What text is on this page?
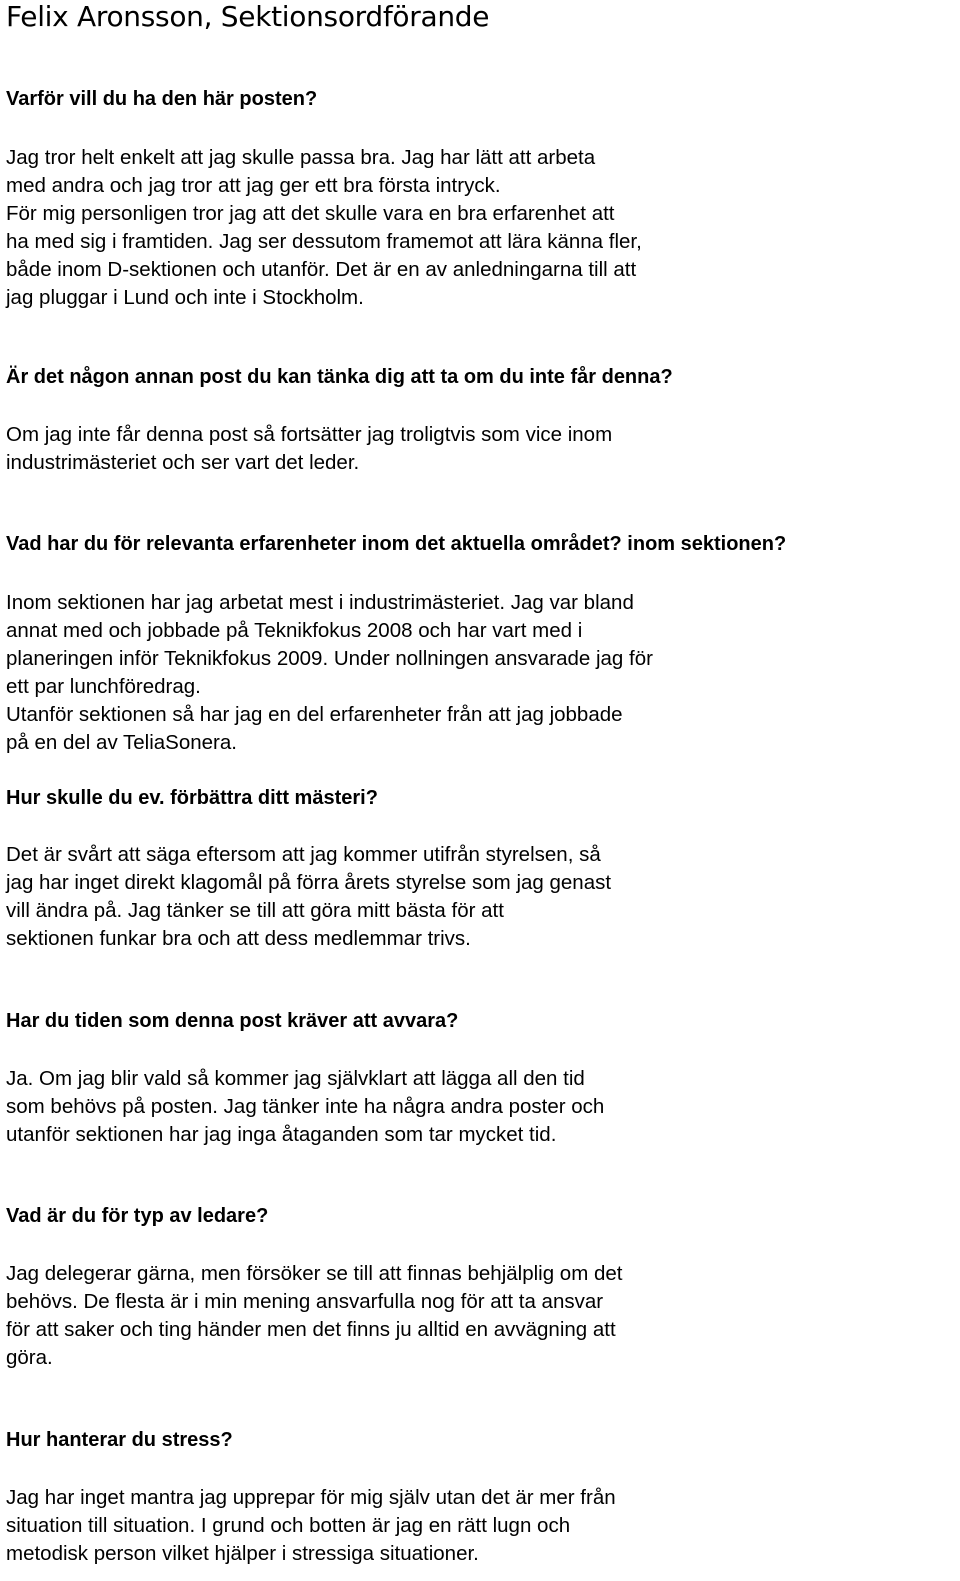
Felix Aronsson, Sektionsordförande
Varför vill du ha den här posten?
Jag tror helt enkelt att jag skulle passa bra. Jag har lätt att arbeta
med andra och jag tror att jag ger ett bra första intryck.
För mig personligen tror jag att det skulle vara en bra erfarenhet att
ha med sig i framtiden. Jag ser dessutom framemot att lära känna fler,
både inom D-sektionen och utanför. Det är en av anledningarna till att
jag pluggar i Lund och inte i Stockholm.
Är det någon annan post du kan tänka dig att ta om du inte får denna?
Om jag inte får denna post så fortsätter jag troligtvis som vice inom
industrimästeriet och ser vart det leder.
Vad har du för relevanta erfarenheter inom det aktuella området? inom sektionen?
Inom sektionen har jag arbetat mest i industrimästeriet. Jag var bland
annat med och jobbade på Teknikfokus 2008 och har vart med i
planeringen inför Teknikfokus 2009. Under nollningen ansvarade jag för
ett par lunchföredrag.
Utanför sektionen så har jag en del erfarenheter från att jag jobbade
på en del av TeliaSonera.
Hur skulle du ev. förbättra ditt mästeri?
Det är svårt att säga eftersom att jag kommer utifrån styrelsen, så
jag har inget direkt klagomål på förra årets styrelse som jag genast
vill ändra på. Jag tänker se till att göra mitt bästa för att
sektionen funkar bra och att dess medlemmar trivs.
Har du tiden som denna post kräver att avvara?
Ja. Om jag blir vald så kommer jag självklart att lägga all den tid
som behövs på posten. Jag tänker inte ha några andra poster och
utanför sektionen har jag inga åtaganden som tar mycket tid.
Vad är du för typ av ledare?
Jag delegerar gärna, men försöker se till att finnas behjälplig om det
behövs. De flesta är i min mening ansvarfulla nog för att ta ansvar
för att saker och ting händer men det finns ju alltid en avvägning att
göra.
Hur hanterar du stress?
Jag har inget mantra jag upprepar för mig själv utan det är mer från
situation till situation. I grund och botten är jag en rätt lugn och
metodisk person vilket hjälper i stressiga situationer.
